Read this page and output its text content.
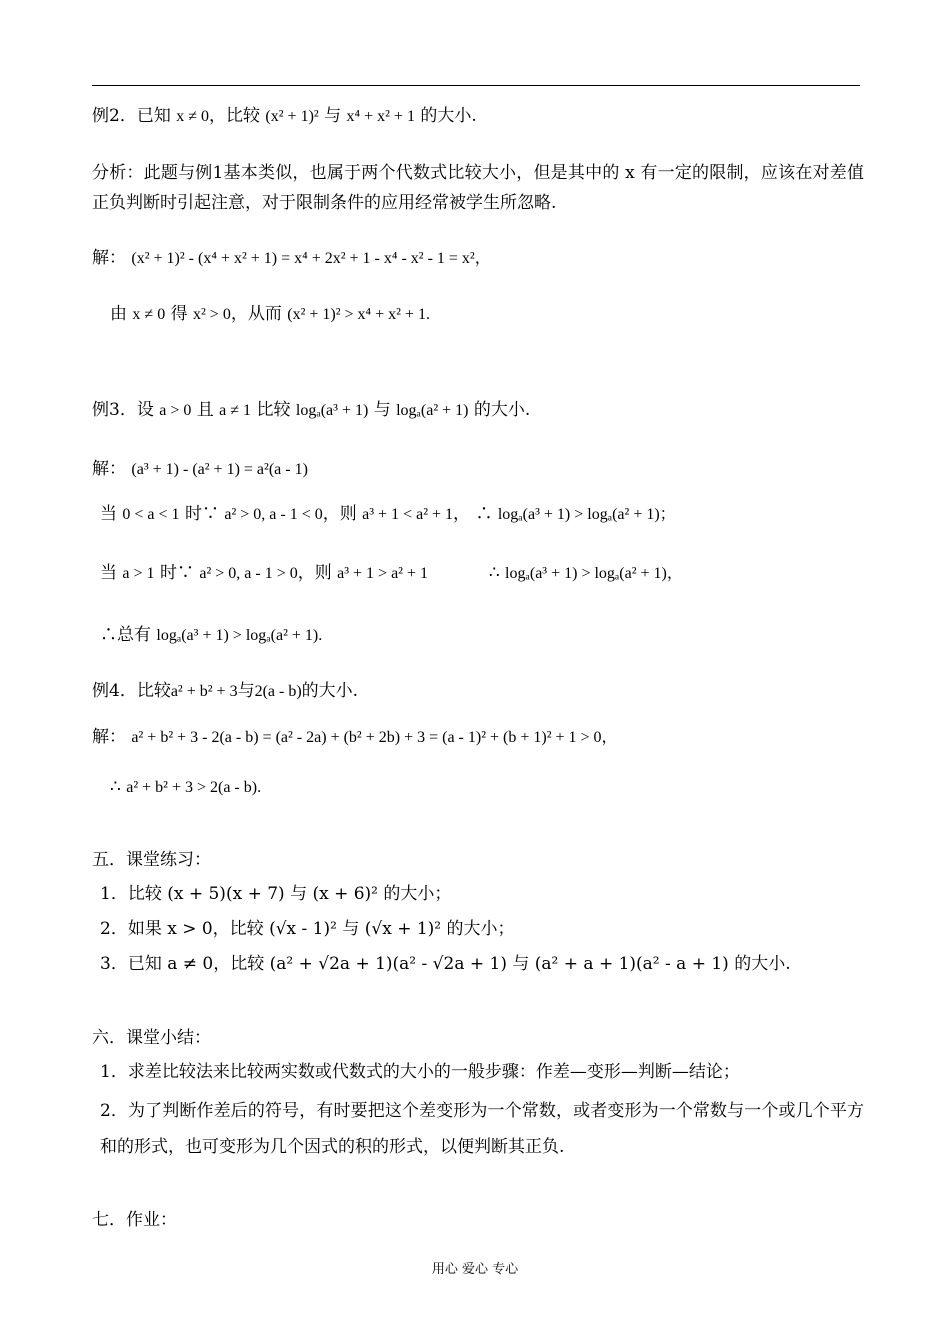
例2．已知 x ≠ 0，比较 (x² + 1)² 与 x⁴ + x² + 1 的大小.
分析：此题与例1基本类似，也属于两个代数式比较大小，但是其中的 x 有一定的限制，应该在对差值正负判断时引起注意，对于限制条件的应用经常被学生所忽略.
解： (x² + 1)² - (x⁴ + x² + 1) = x⁴ + 2x² + 1 - x⁴ - x² - 1 = x²，
由 x ≠ 0 得 x² > 0，从而 (x² + 1)² > x⁴ + x² + 1.
例3．设 a > 0 且 a ≠ 1 比较 logₐ(a³ + 1) 与 logₐ(a² + 1) 的大小.
解： (a³ + 1) - (a² + 1) = a²(a - 1)
当 0 < a < 1 时∵ a² > 0, a - 1 < 0，则 a³ + 1 < a² + 1， ∴ logₐ(a³ + 1) > logₐ(a² + 1)；
当 a > 1 时∵ a² > 0, a - 1 > 0，则 a³ + 1 > a² + 1	∴ logₐ(a³ + 1) > logₐ(a² + 1)，
∴总有 logₐ(a³ + 1) > logₐ(a² + 1).
例4．比较a² + b² + 3与2(a - b)的大小.
解： a² + b² + 3 - 2(a - b) = (a² - 2a) + (b² + 2b) + 3 = (a - 1)² + (b + 1)² + 1 > 0，
∴ a² + b² + 3 > 2(a - b).
五．课堂练习：
1．比较 (x + 5)(x + 7) 与 (x + 6)² 的大小；
2．如果 x > 0，比较 (√x - 1)² 与 (√x + 1)² 的大小；
3．已知 a ≠ 0，比较 (a² + √2a + 1)(a² - √2a + 1) 与 (a² + a + 1)(a² - a + 1) 的大小.
六．课堂小结：
1．求差比较法来比较两实数或代数式的大小的一般步骤：作差—变形—判断—结论；
2．为了判断作差后的符号，有时要把这个差变形为一个常数，或者变形为一个常数与一个或几个平方和的形式，也可变形为几个因式的积的形式，以便判断其正负.
七．作业：
用心 爱心 专心
